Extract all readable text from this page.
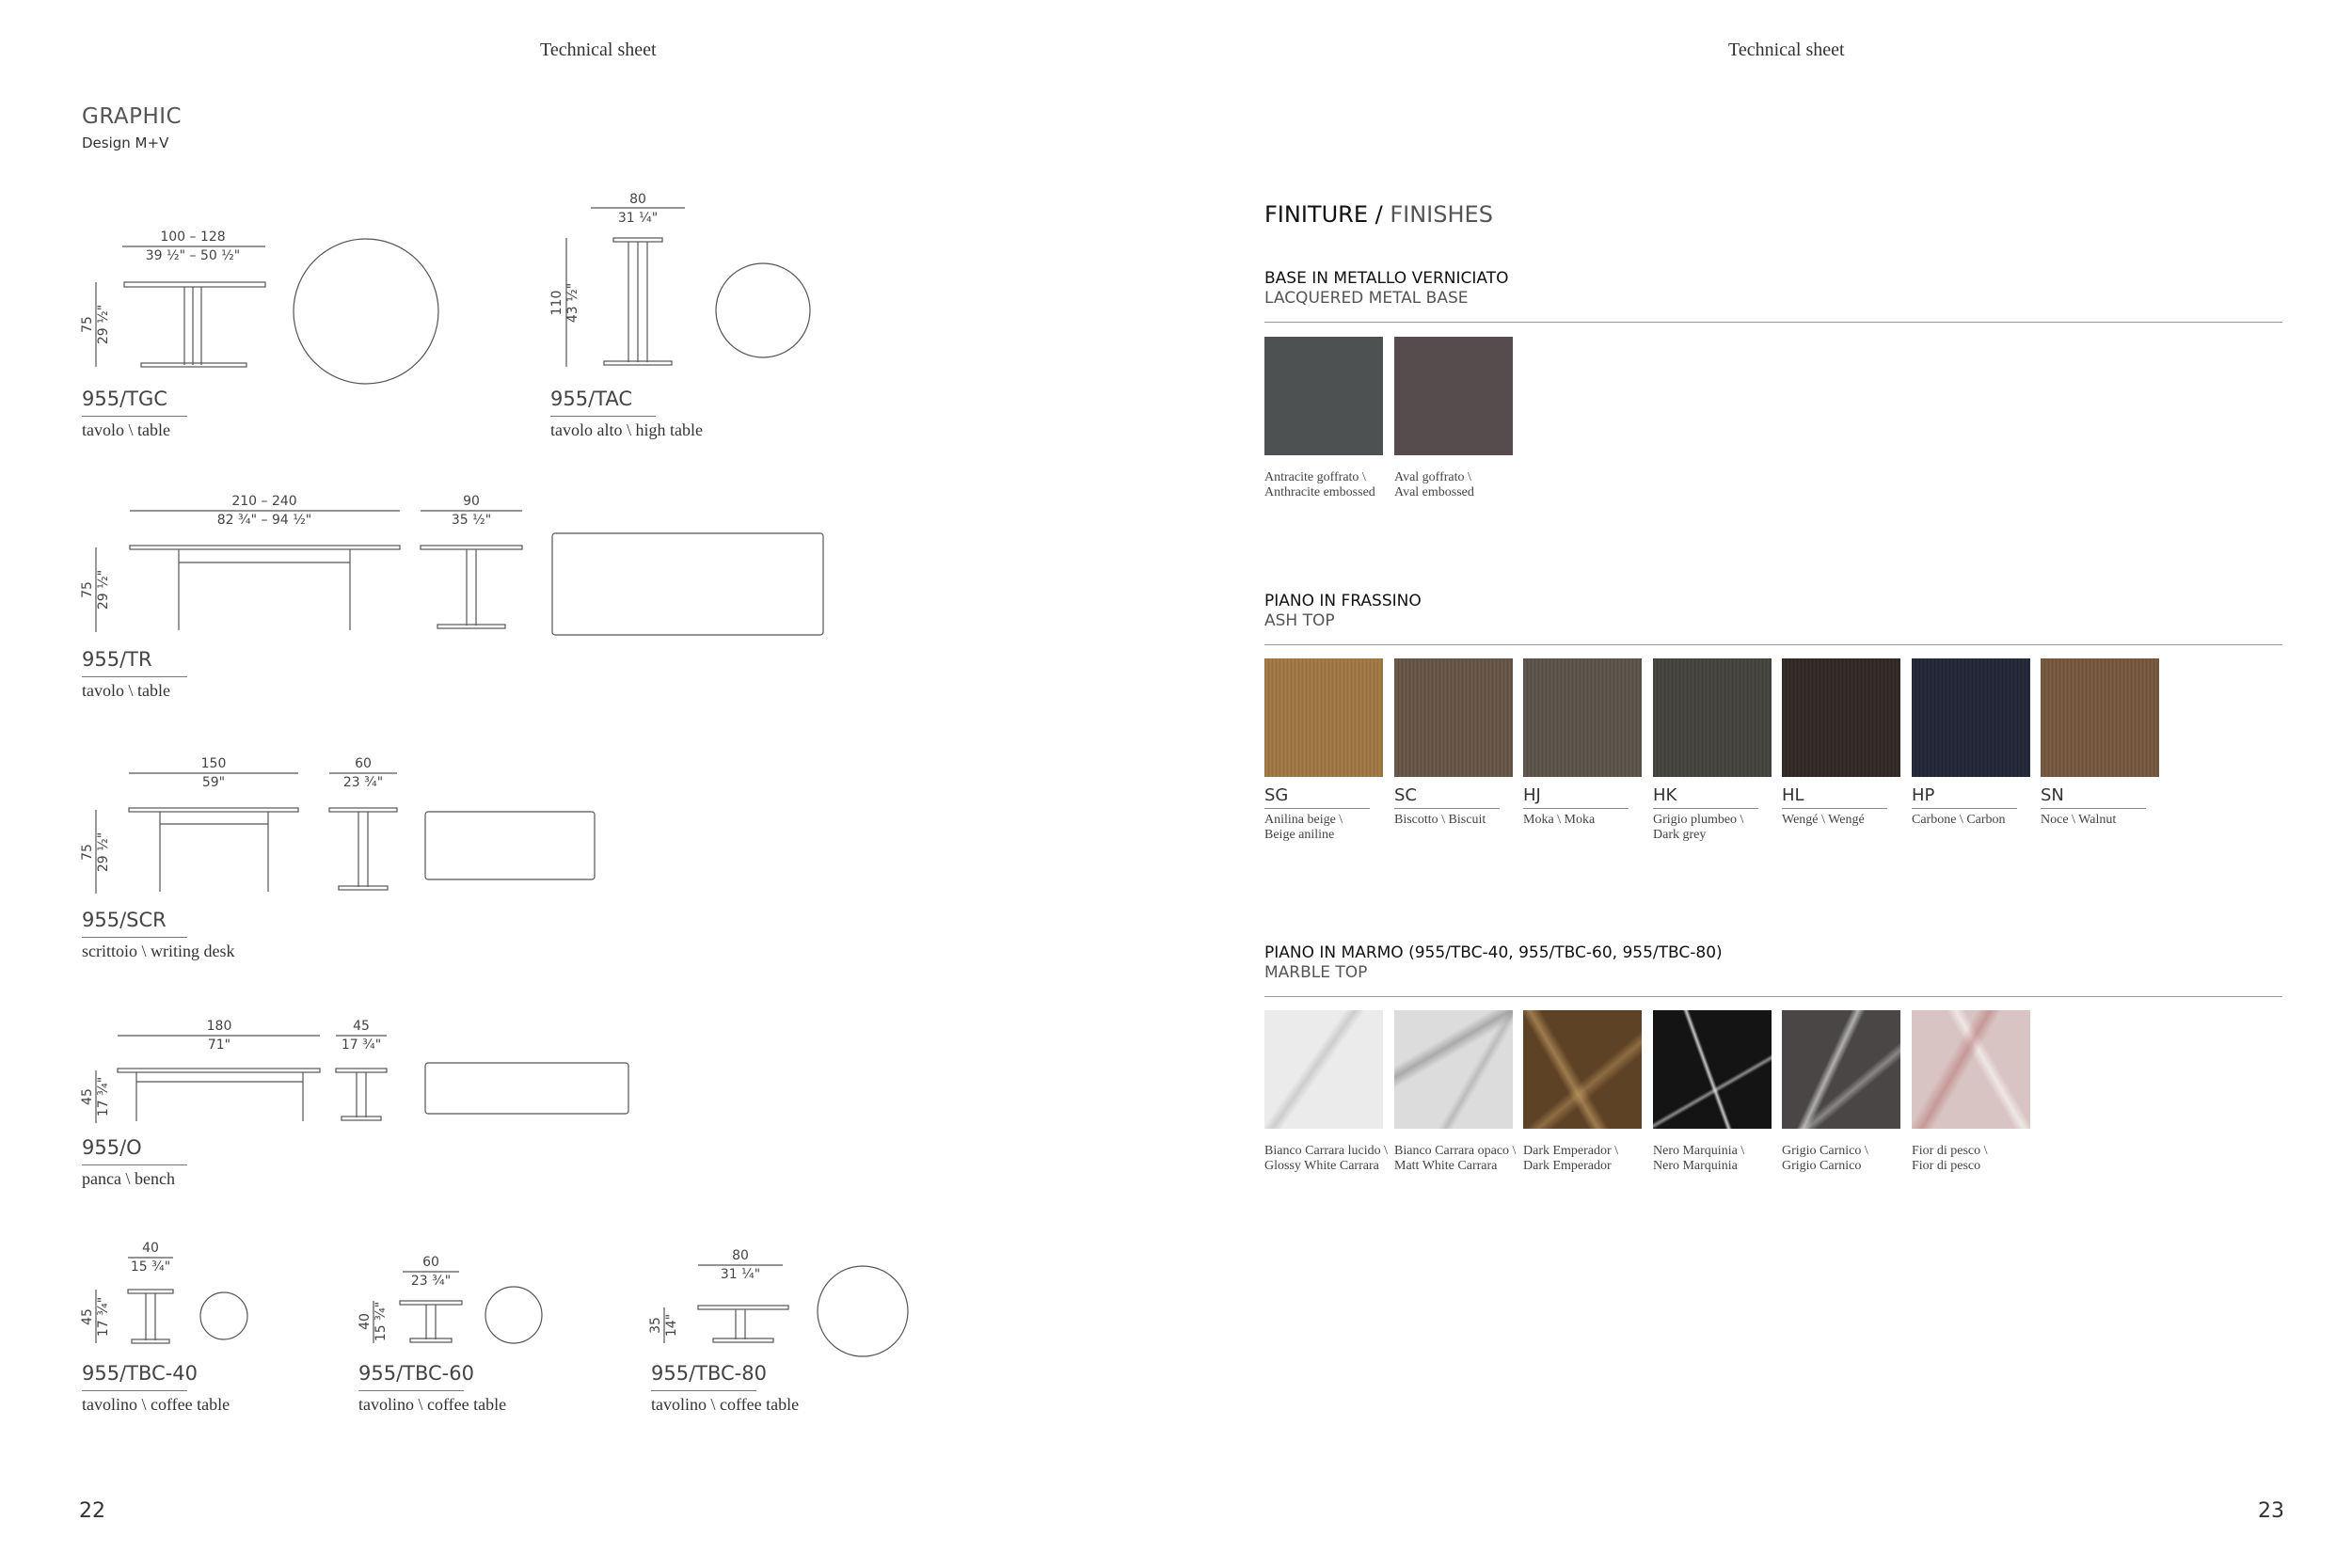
Technical sheet	Technical sheet
GRAPHIC
Design M+V
100 – 128
39 ½" – 50 ½"
75 29 ½"
80
31 ¼"
110 43 ½"
210 – 240
82 ¾" – 94 ½"
75 29 ½"
90
35 ½"
150
59"
75 29 ½"
60
23 ¾"
180
71"
45 17 ¾"
45
17 ¾"
40
15 ¾"
45 17 ¾"
60
23 ¾"
40 15 ¾"
80
31 ¼"
35 14"
955/TGC
tavolo \ table
955/TAC
tavolo alto \ high table
955/TR
tavolo \ table
955/SCR
scrittoio \ writing desk
955/O
panca \ bench
955/TBC-40
tavolino \ coffee table
955/TBC-60
tavolino \ coffee table
955/TBC-80
tavolino \ coffee table
FINITURE / FINISHES
BASE IN METALLO VERNICIATO
LACQUERED METAL BASE
Antracite goffrato \
Anthracite embossed
Aval goffrato \
Aval embossed
PIANO IN FRASSINO
ASH TOP
SG
Anilina beige \
Beige aniline
SC
Biscotto \ Biscuit
HJ
Moka \ Moka
HK
Grigio plumbeo \
Dark grey
HL
Wengé \ Wengé
HP
Carbone \ Carbon
SN
Noce \ Walnut
PIANO IN MARMO (955/TBC-40, 955/TBC-60, 955/TBC-80)
MARBLE TOP
Bianco Carrara lucido \
Glossy White Carrara
Bianco Carrara opaco \
Matt White Carrara
Dark Emperador \
Dark Emperador
Nero Marquinia \
Nero Marquinia
Grigio Carnico \
Grigio Carnico
Fior di pesco \
Fior di pesco
22	23
